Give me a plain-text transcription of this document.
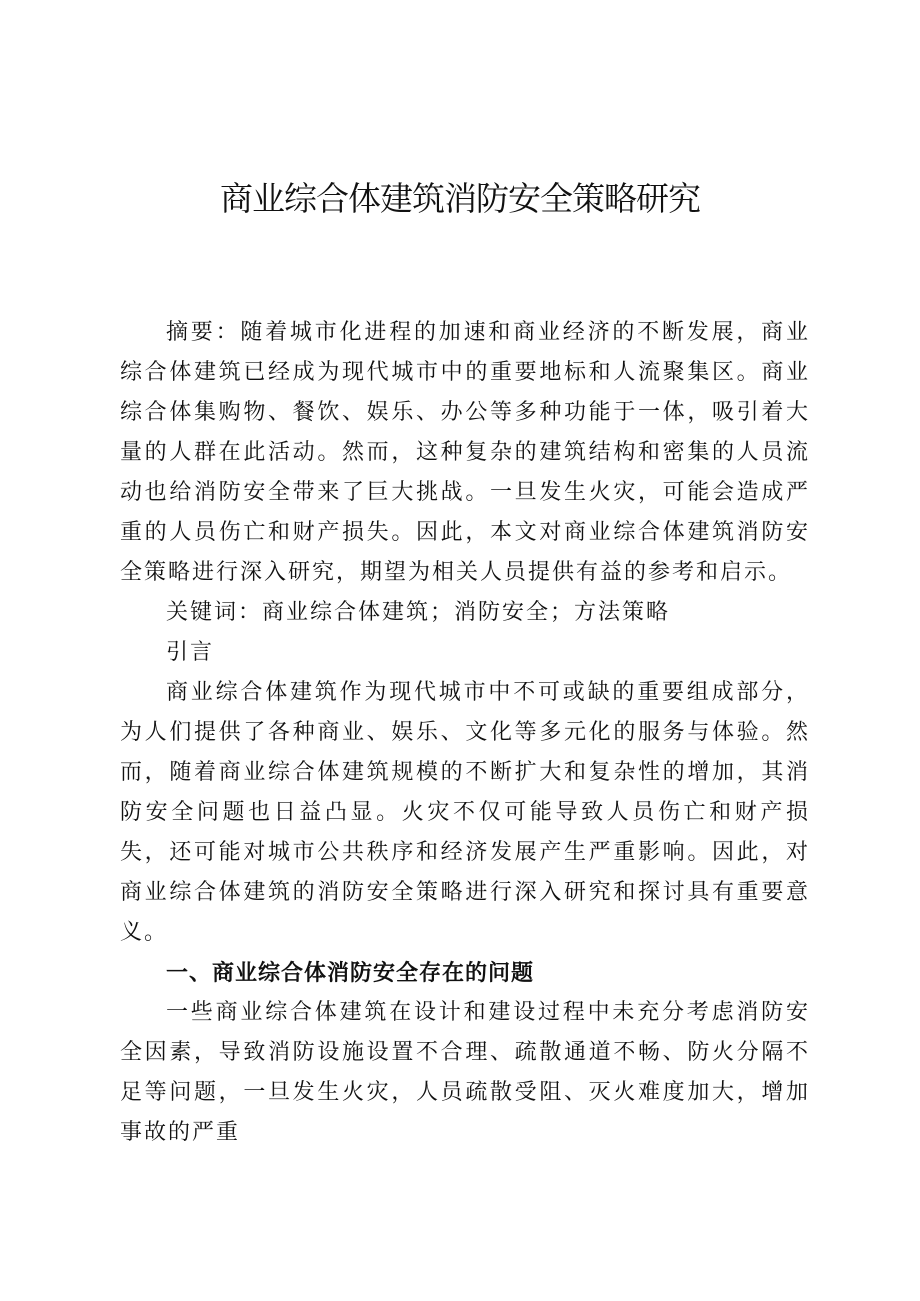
商业综合体建筑消防安全策略研究

摘要：随着城市化进程的加速和商业经济的不断发展，商业综合体建筑已经成为现代城市中的重要地标和人流聚集区。商业综合体集购物、餐饮、娱乐、办公等多种功能于一体，吸引着大量的人群在此活动。然而，这种复杂的建筑结构和密集的人员流动也给消防安全带来了巨大挑战。一旦发生火灾，可能会造成严重的人员伤亡和财产损失。因此，本文对商业综合体建筑消防安全策略进行深入研究，期望为相关人员提供有益的参考和启示。

关键词：商业综合体建筑；消防安全；方法策略

引言

商业综合体建筑作为现代城市中不可或缺的重要组成部分，为人们提供了各种商业、娱乐、文化等多元化的服务与体验。然而，随着商业综合体建筑规模的不断扩大和复杂性的增加，其消防安全问题也日益凸显。火灾不仅可能导致人员伤亡和财产损失，还可能对城市公共秩序和经济发展产生严重影响。因此，对商业综合体建筑的消防安全策略进行深入研究和探讨具有重要意义。

一、商业综合体消防安全存在的问题

一些商业综合体建筑在设计和建设过程中未充分考虑消防安全因素，导致消防设施设置不合理、疏散通道不畅、防火分隔不足等问题，一旦发生火灾，人员疏散受阻、灭火难度加大，增加事故的严重
